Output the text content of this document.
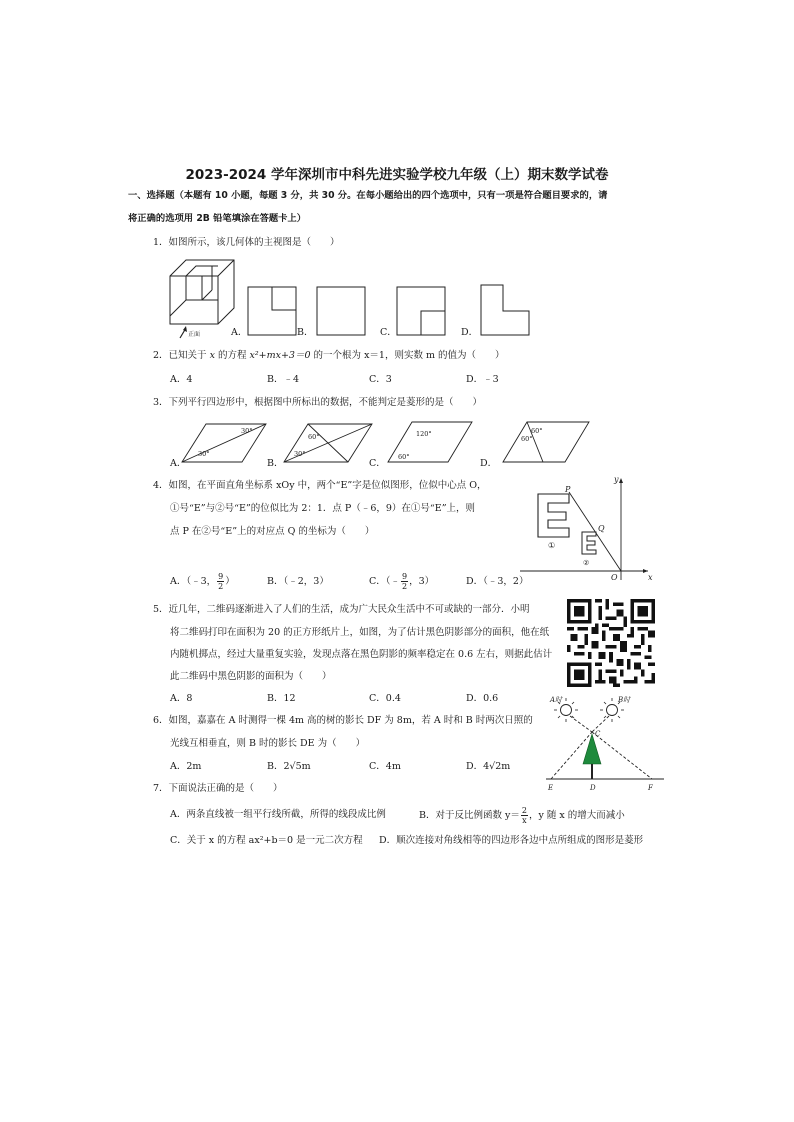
2023-2024 学年深圳市中科先进实验学校九年级（上）期末数学试卷
一、选择题（本题有 10 小题，每题 3 分，共 30 分。在每小题给出的四个选项中，只有一项是符合题目要求的，请
将正确的选项用 2B 铅笔填涂在答题卡上）
1．如图所示，该几何体的主视图是（　　）
正面	A．	B．	C．	D．
2．已知关于 x 的方程 x²+mx+3＝0 的一个根为 x＝1，则实数 m 的值为（　　）
A．4	B．﹣4	C．3	D．﹣3
3．下列平行四边形中，根据图中所标出的数据，不能判定是菱形的是（　　）
A．
30°
30°
B．
60°
30°
C．
120°
60°
D．
60°
60°
4．如图，在平面直角坐标系 xOy 中，两个“E”字是位似图形，位似中心点 O，
①号“E”与②号“E”的位似比为 2：1．点 P（﹣6，9）在①号“E”上，则
点 P 在②号“E”上的对应点 Q 的坐标为（　　）
A．（﹣3， $\frac{9}{2}$ ）	B．（﹣2，3）	C．（﹣ $\frac{9}{2}$ ，3）	D．（﹣3，2）
P
Q
O	x
y
①
②
5．近几年，二维码逐渐进入了人们的生活，成为广大民众生活中不可或缺的一部分．小明
将二维码打印在面积为 20 的正方形纸片上，如图，为了估计黑色阴影部分的面积，他在纸
内随机掷点，经过大量重复实验，发现点落在黑色阴影的频率稳定在 0.6 左右，则据此估计
此二维码中黑色阴影的面积为（　　）
A．8	B．12	C．0.4	D．0.6
6．如图，嘉嘉在 A 时测得一棵 4m 高的树的影长 DF 为 8m，若 A 时和 B 时两次日照的
光线互相垂直，则 B 时的影长 DE 为（　　）
A．2m	B．2√5m	C．4m	D．4√2m
A时	B时
C
D
E	F
7．下面说法正确的是（　　）
A．两条直线被一组平行线所截，所得的线段成比例	B．对于反比例函数 $y= \frac{2}{x}$ ，y 随 x 的增大而减小
C．关于 x 的方程 ax²+b＝0 是一元二次方程 D．顺次连接对角线相等的四边形各边中点所组成的图形是菱形
